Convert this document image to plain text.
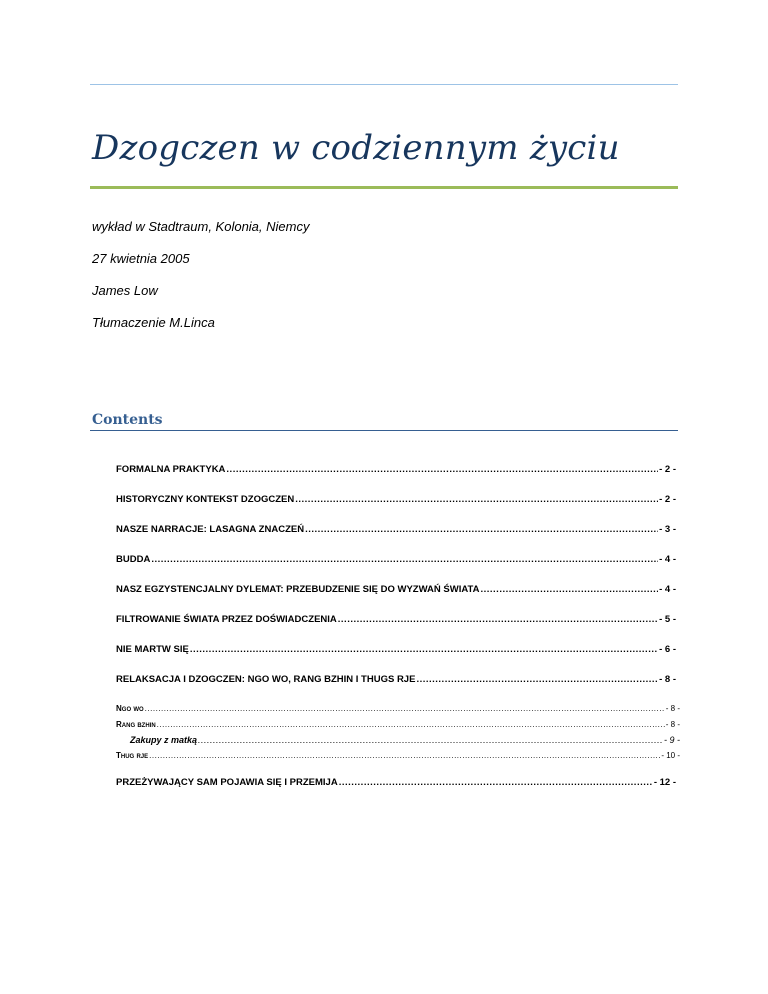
Dzogczen w codziennym życiu
wykład w Stadtraum, Kolonia, Niemcy
27 kwietnia 2005
James Low
Tłumaczenie M.Linca
Contents
FORMALNA PRAKTYKA .....	- 2 -
HISTORYCZNY KONTEKST DZOGCZEN .....	- 2 -
NASZE NARRACJE: LASAGNA ZNACZEŃ .....	- 3 -
BUDDA .....	- 4 -
NASZ EGZYSTENCJALNY DYLEMAT: PRZEBUDZENIE SIĘ DO WYZWAŃ ŚWIATA .....	- 4 -
FILTROWANIE ŚWIATA PRZEZ DOŚWIADCZENIA .....	- 5 -
NIE MARTW SIĘ .....	- 6 -
RELAKSACJA I DZOGCZEN: NGO WO, RANG BZHIN I THUGS RJE .....	- 8 -
Ngo wo .....	- 8 -
Rang bzhin .....	- 8 -
Zakupy z matką .....	- 9 -
Thug rje .....	- 10 -
PRZEŻYWAJĄCY SAM POJAWIA SIĘ I PRZEMIJA .....	- 12 -
